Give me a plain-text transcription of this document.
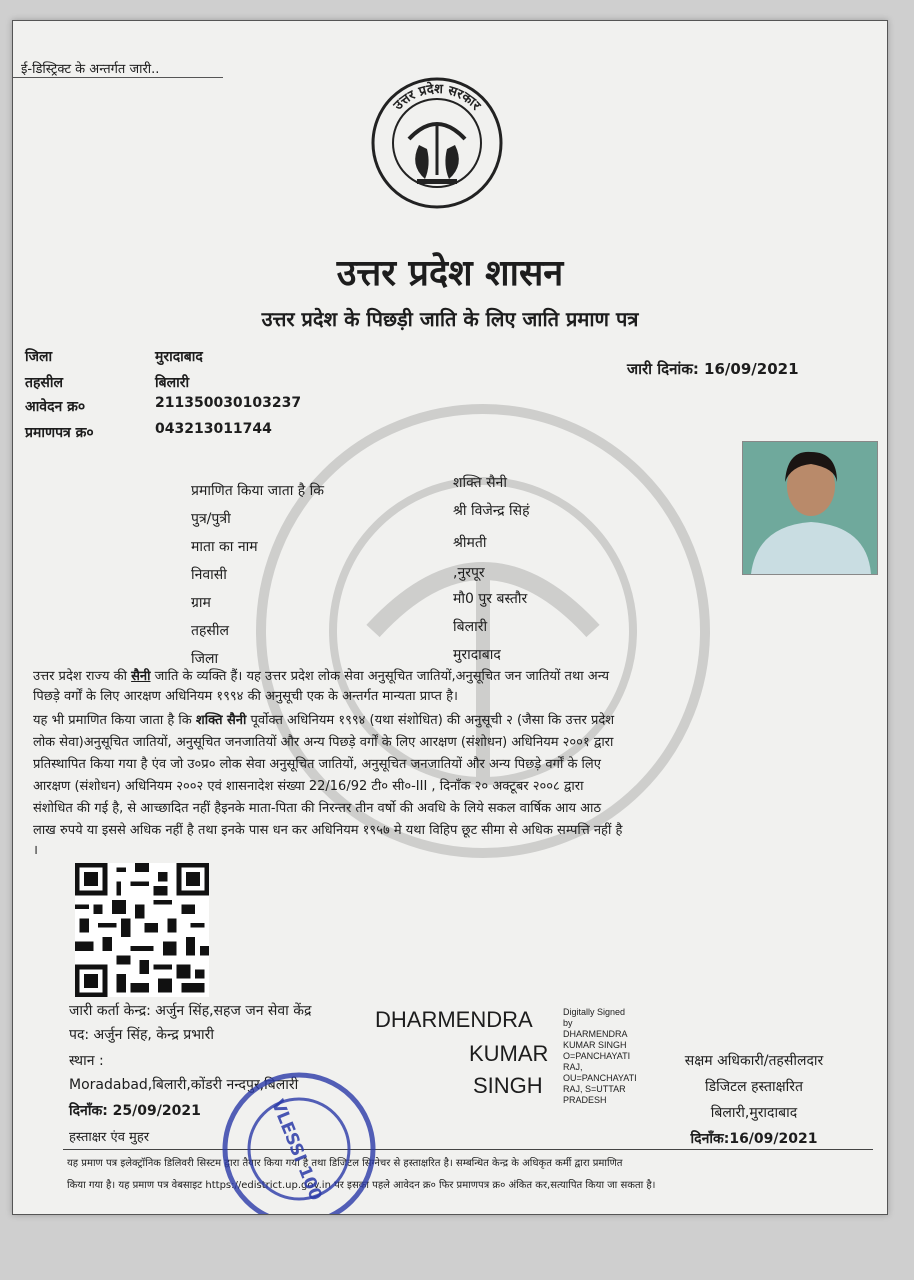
ई-डिस्ट्रिक्ट के अन्तर्गत जारी..
उत्तर प्रदेश सरकार
उत्तर प्रदेश शासन
उत्तर प्रदेश के पिछड़ी जाति के लिए जाति प्रमाण पत्र
जिला	मुरादाबाद
तहसील	बिलारी
आवेदन क्र०	211350030103237
प्रमाणपत्र क्र०	043213011744
जारी दिनांक: 16/09/2021
प्रमाणित किया जाता है कि	शक्ति सैनी
पुत्र/पुत्री	श्री विजेन्द्र सिहं
माता का नाम	श्रीमती
निवासी	,नुरपूर
ग्राम	मौ0 पुर बस्तौर
तहसील	बिलारी
जिला	मुरादाबाद
उत्तर प्रदेश राज्य की सैनी जाति के व्यक्ति हैं। यह उत्तर प्रदेश लोक सेवा अनुसूचित जातियों,अनुसूचित जन जातियों तथा अन्य
पिछड़े वर्गों के लिए आरक्षण अधिनियम १९९४ की अनुसूची एक के अन्तर्गत मान्यता प्राप्त है।
यह भी प्रमाणित किया जाता है कि शक्ति सैनी पूर्वोक्त अधिनियम १९९४ (यथा संशोधित) की अनुसूची २ (जैसा कि उत्तर प्रदेश
लोक सेवा)अनुसूचित जातियों, अनुसूचित जनजातियों और अन्य पिछड़े वर्गों के लिए आरक्षण (संशोधन) अधिनियम २००१ द्वारा
प्रतिस्थापित किया गया है एंव जो उ०प्र० लोक सेवा अनुसूचित जातियों, अनुसूचित जनजातियों और अन्य पिछड़े वर्गों के लिए
आरक्षण (संशोधन) अधिनियम २००२ एवं शासनादेश संख्या 22/16/92 टी० सी०-III , दिनाँक २० अक्टूबर २००८ द्वारा
संशोधित की गई है, से आच्छादित नहीं हैइनके माता-पिता की निरन्तर तीन वर्षो की अवधि के लिये सकल वार्षिक आय आठ
लाख रुपये या इससे अधिक नहीं है तथा इनके पास धन कर अधिनियम १९५७ मे यथा विहिप छूट सीमा से अधिक सम्पत्ति नहीं है
।
जारी कर्ता केन्द्र: अर्जुन सिंह,सहज जन सेवा केंद्र
पद: अर्जुन सिंह, केन्द्र प्रभारी
स्थान :
Moradabad,बिलारी,कोंडरी नन्दपुर,बिलारी
दिनाँक: 25/09/2021
हस्ताक्षर एंव मुहर
DHARMENDRA
KUMAR
SINGH
Digitally Signed
by
DHARMENDRA
KUMAR SINGH
O=PANCHAYATI
RAJ,
OU=PANCHAYATI
RAJ, S=UTTAR
PRADESH
सक्षम अधिकारी/तहसीलदार
डिजिटल हस्ताक्षरित
बिलारी,मुरादाबाद
दिनाँक:16/09/2021
यह प्रमाण पत्र इलेक्ट्रॉनिक डिलिवरी सिस्टम द्वारा तैयार किया गया है तथा डिजिटल सिग्नेचर से हस्ताक्षरित है। सम्बन्धित केन्द्र के अधिकृत कर्मी द्वारा प्रमाणित
किया गया है। यह प्रमाण पत्र वेबसाइट https://edistrict.up.gov.in पर इसका पहले आवेदन क्र० फिर प्रमाणपत्र क्र० अंकित कर,सत्यापित किया जा सकता है।
VLESSI 100
